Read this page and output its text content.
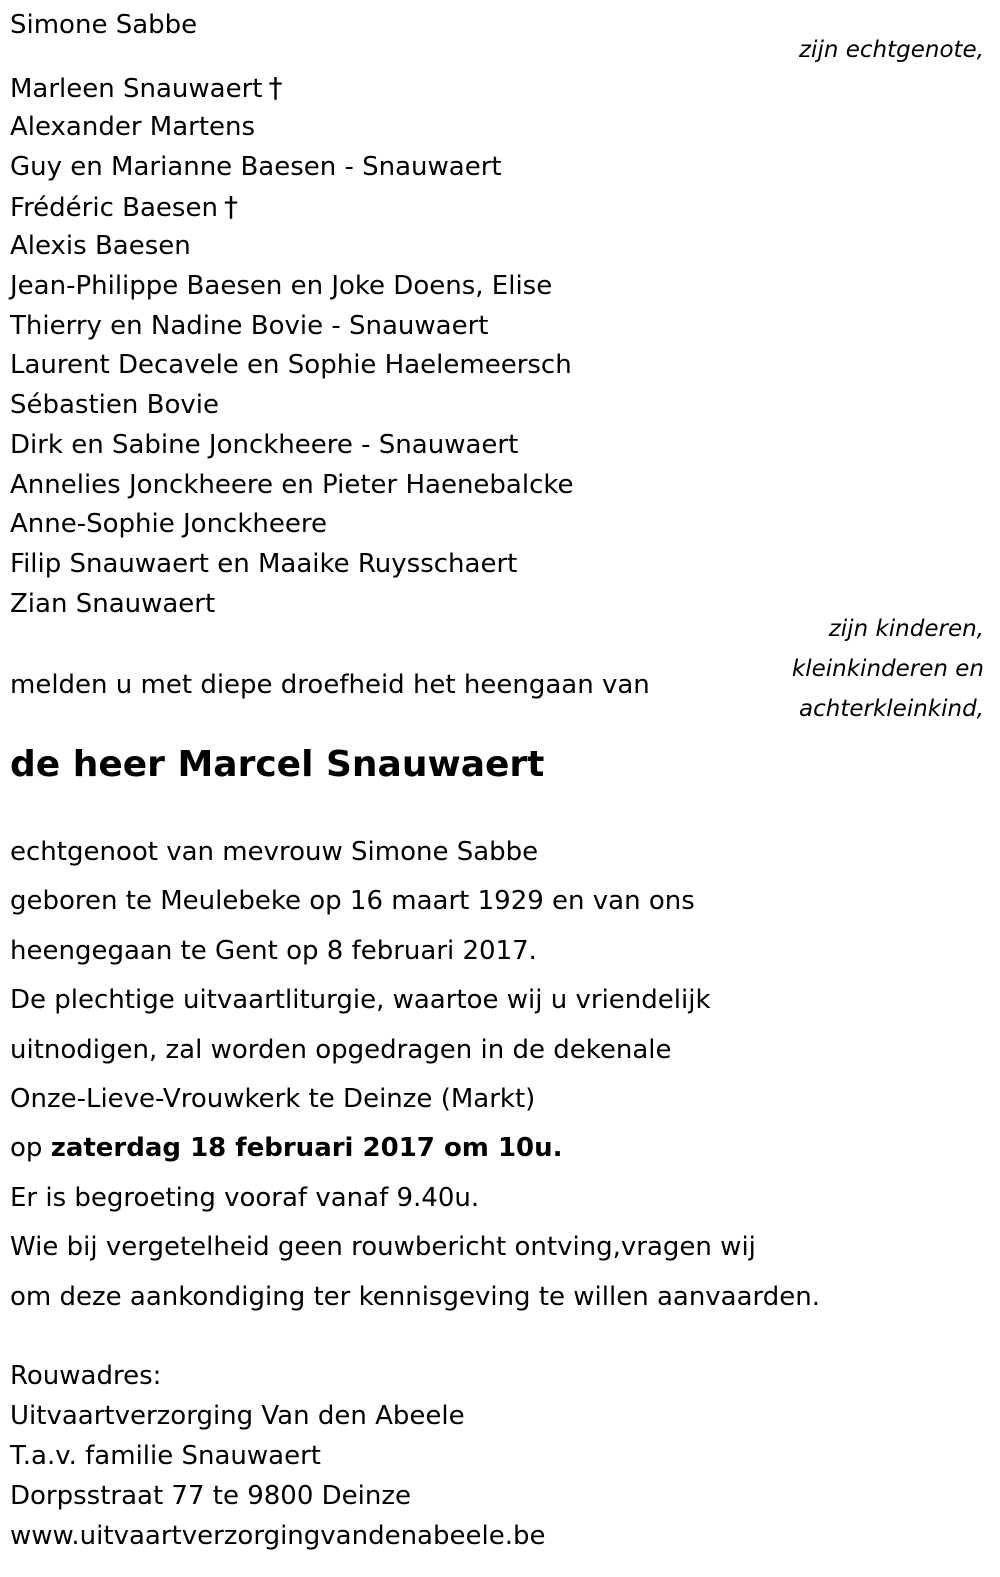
Simone Sabbe
zijn echtgenote,
Marleen Snauwaert †
Alexander Martens
Guy en Marianne Baesen - Snauwaert
Frédéric Baesen †
Alexis Baesen
Jean-Philippe Baesen en Joke Doens, Elise
Thierry en Nadine Bovie - Snauwaert
Laurent Decavele en Sophie Haelemeersch
Sébastien Bovie
Dirk en Sabine Jonckheere - Snauwaert
Annelies Jonckheere en Pieter Haenebalcke
Anne-Sophie Jonckheere
Filip Snauwaert en Maaike Ruysschaert
Zian Snauwaert
zijn kinderen,
kleinkinderen en
achterkleinkind,
melden u met diepe droefheid het heengaan van
de heer Marcel Snauwaert
echtgenoot van mevrouw Simone Sabbe
geboren te Meulebeke op 16 maart 1929 en van ons
heengegaan te Gent op 8 februari 2017.
De plechtige uitvaartliturgie, waartoe wij u vriendelijk
uitnodigen, zal worden opgedragen in de dekenale
Onze-Lieve-Vrouwkerk te Deinze (Markt)
op zaterdag 18 februari 2017 om 10u.
Er is begroeting vooraf vanaf 9.40u.
Wie bij vergetelheid geen rouwbericht ontving,vragen wij
om deze aankondiging ter kennisgeving te willen aanvaarden.
Rouwadres:
Uitvaartverzorging Van den Abeele
T.a.v. familie Snauwaert
Dorpsstraat 77 te 9800 Deinze
www.uitvaartverzorgingvandenabeele.be
